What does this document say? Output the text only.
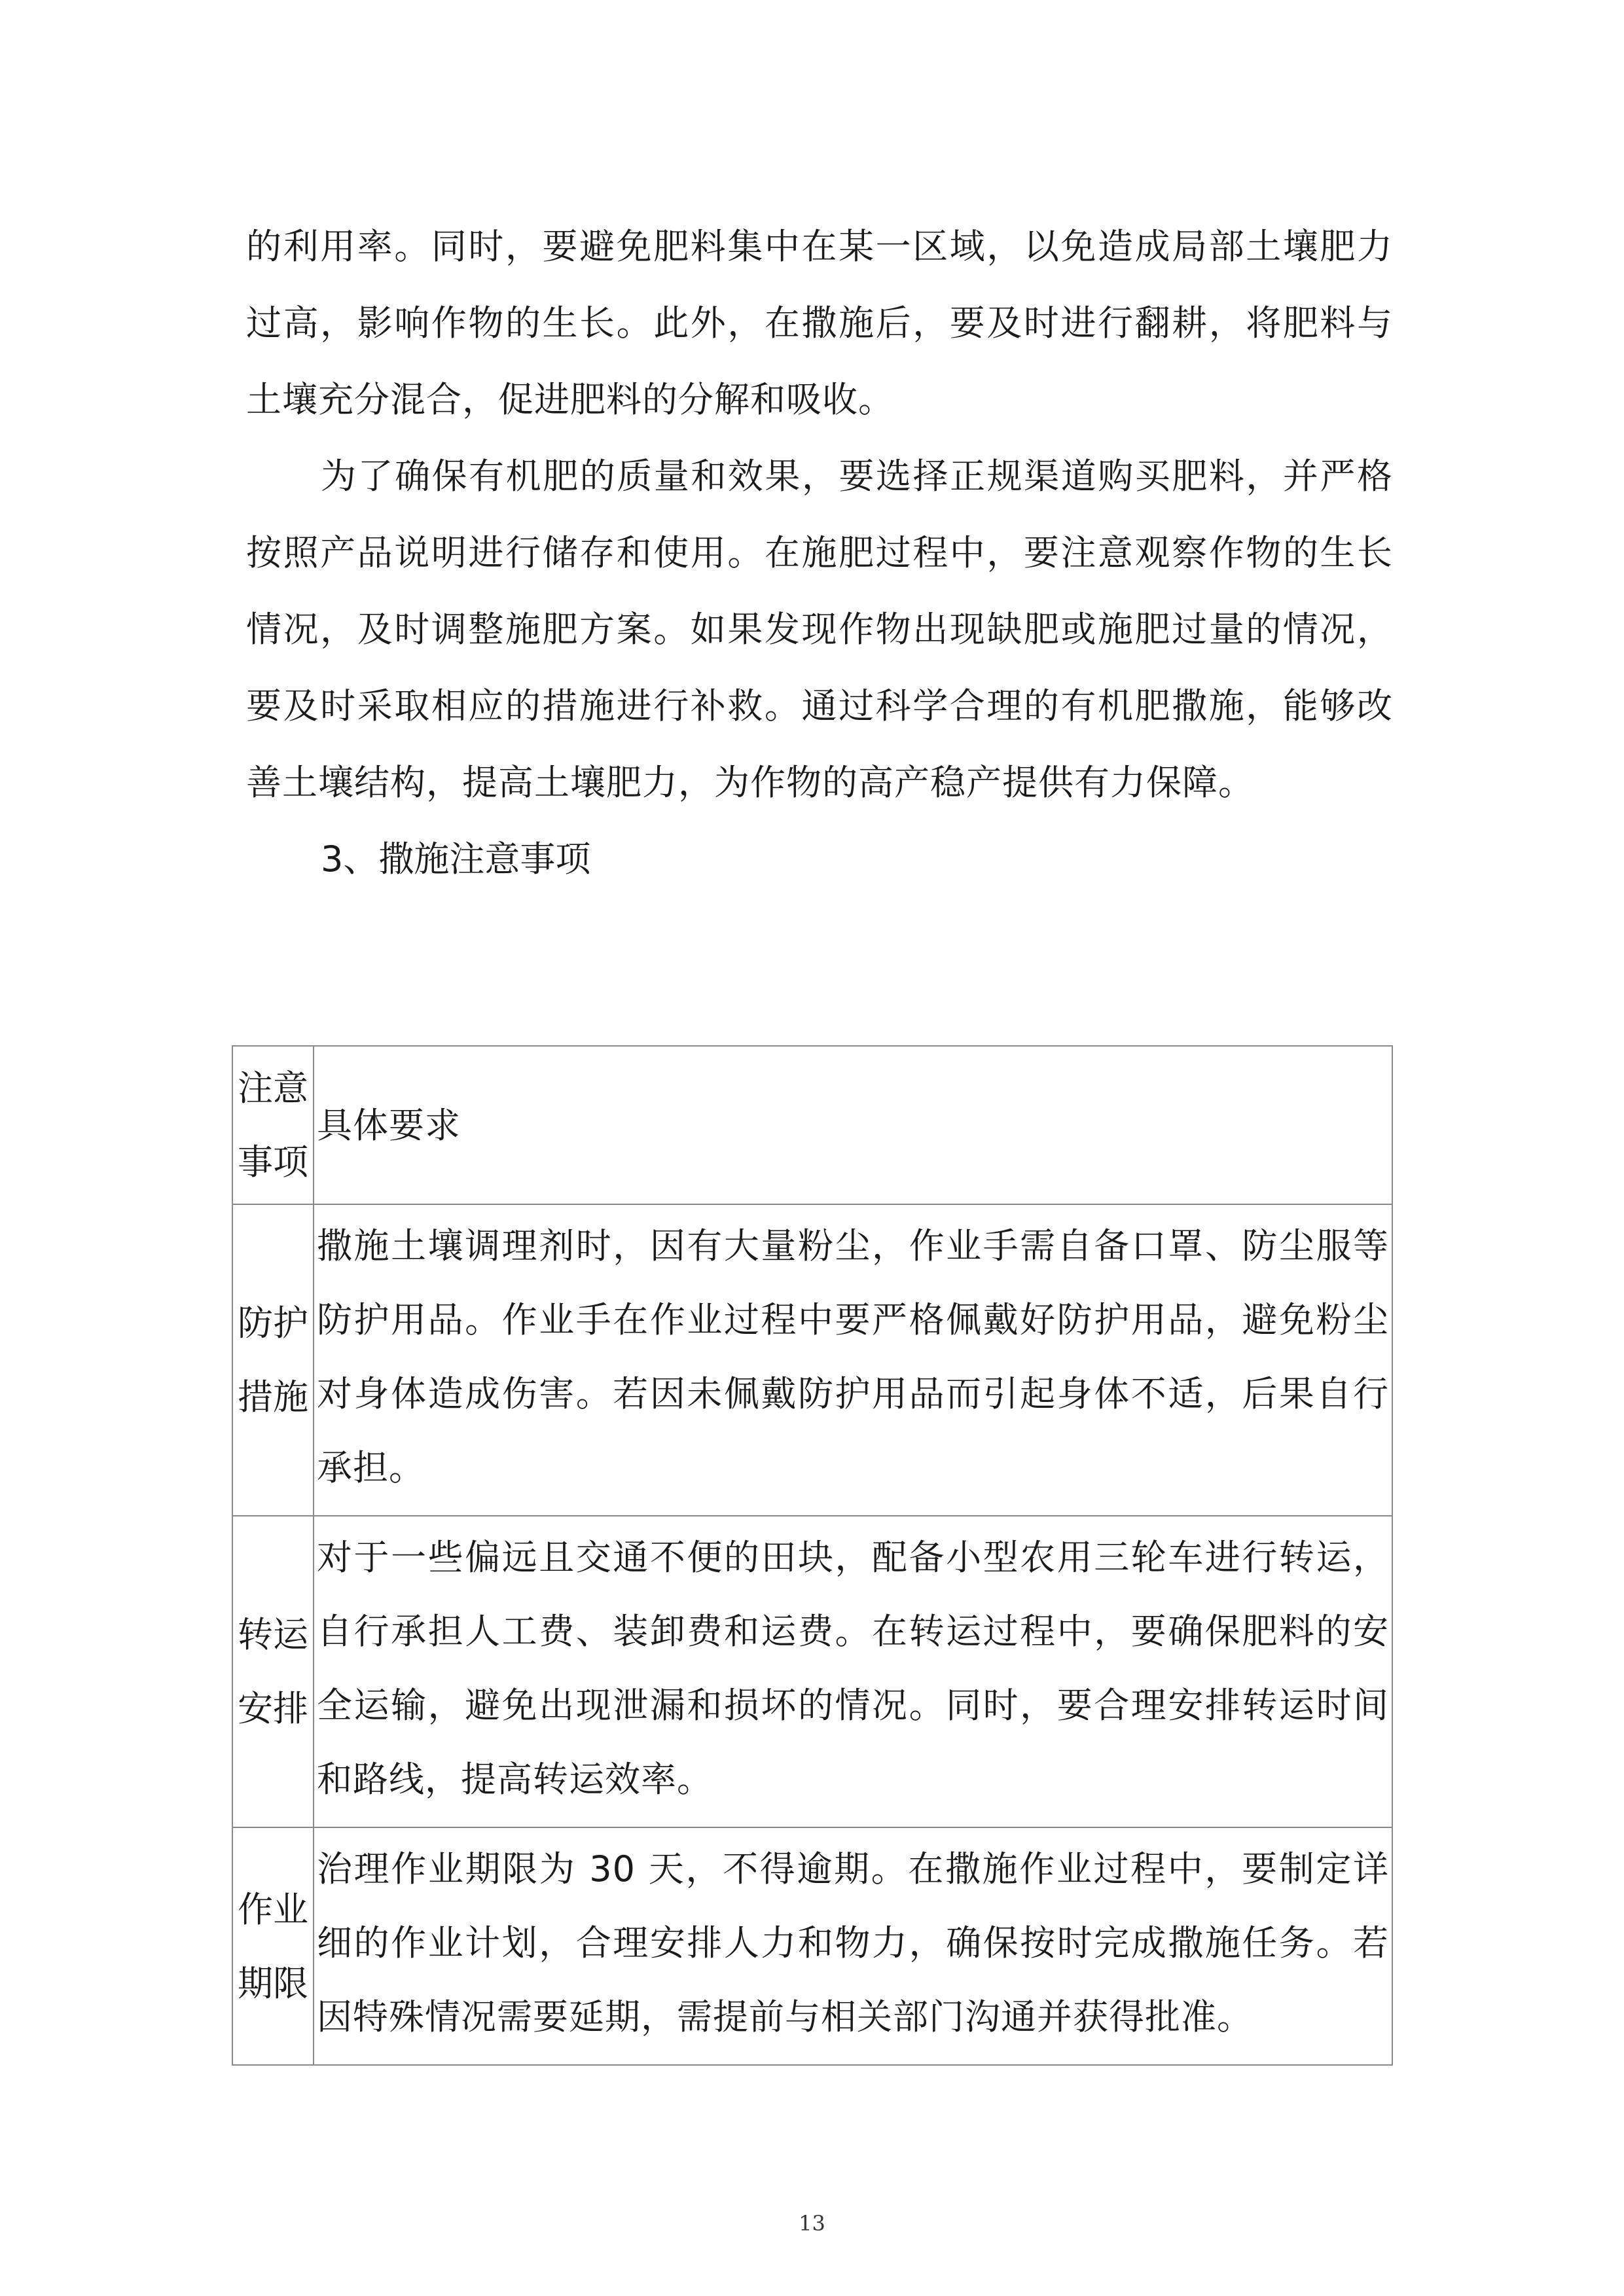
的利用率。同时，要避免肥料集中在某一区域，以免造成局部土壤肥力过高，影响作物的生长。此外，在撒施后，要及时进行翻耕，将肥料与土壤充分混合，促进肥料的分解和吸收。

为了确保有机肥的质量和效果，要选择正规渠道购买肥料，并严格按照产品说明进行储存和使用。在施肥过程中，要注意观察作物的生长情况，及时调整施肥方案。如果发现作物出现缺肥或施肥过量的情况，要及时采取相应的措施进行补救。通过科学合理的有机肥撒施，能够改善土壤结构，提高土壤肥力，为作物的高产稳产提供有力保障。

3、撒施注意事项

注意事项	具体要求
防护措施	撒施土壤调理剂时，因有大量粉尘，作业手需自备口罩、防尘服等防护用品。作业手在作业过程中要严格佩戴好防护用品，避免粉尘对身体造成伤害。若因未佩戴防护用品而引起身体不适，后果自行承担。
转运安排	对于一些偏远且交通不便的田块，配备小型农用三轮车进行转运，自行承担人工费、装卸费和运费。在转运过程中，要确保肥料的安全运输，避免出现泄漏和损坏的情况。同时，要合理安排转运时间和路线，提高转运效率。
作业期限	治理作业期限为 30 天，不得逾期。在撒施作业过程中，要制定详细的作业计划，合理安排人力和物力，确保按时完成撒施任务。若因特殊情况需要延期，需提前与相关部门沟通并获得批准。
13
